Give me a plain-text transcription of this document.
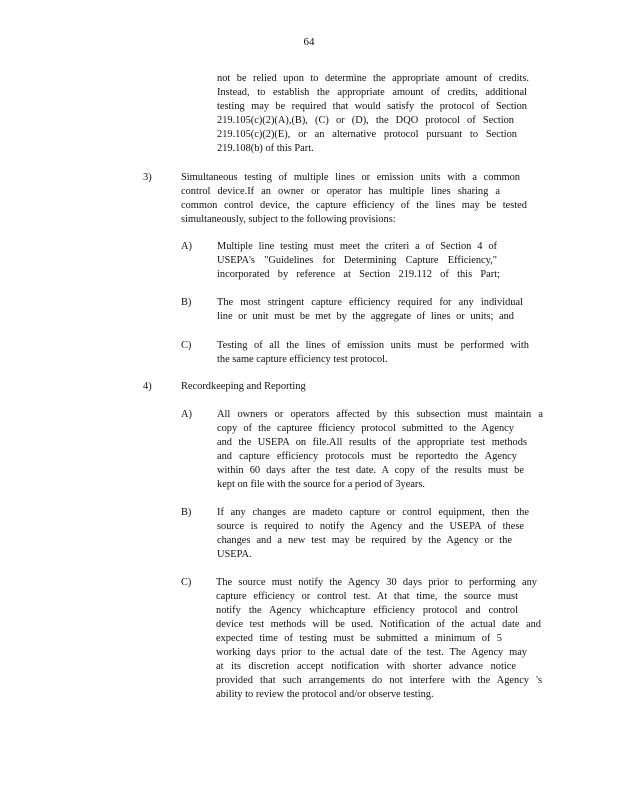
64
not be relied upon to determine the appropriate amount of credits.
Instead, to establish the appropriate amount of credits, additional
testing may be required that would satisfy the protocol of Section
219.105(c)(2)(A),(B), (C) or (D), the DQO protocol of Section
219.105(c)(2)(E), or an alternative protocol pursuant to Section
219.108(b) of this Part.
3)	Simultaneous testing of multiple lines or emission units with a common
control device.If an owner or operator has multiple lines sharing a
common control device, the capture efficiency of the lines may be tested
simultaneously, subject to the following provisions:
A) Multiple line testing must meet the criteri a of Section 4 of
USEPA's "Guidelines for Determining Capture Efficiency,"
incorporated by reference at Section 219.112 of this Part;
B) The most stringent capture efficiency required for any individual
line or unit must be met by the aggregate of lines or units; and
C) Testing of all the lines of emission units must be performed with
the same capture efficiency test protocol.
4)	Recordkeeping and Reporting
A) All owners or operators affected by this subsection must maintain a
copy of the capturee fficiency protocol submitted to the Agency
and the USEPA on file.All results of the appropriate test methods
and capture efficiency protocols must be reportedto the Agency
within 60 days after the test date. A copy of the results must be
kept on file with the source for a period of 3years.
B) If any changes are madeto capture or control equipment, then the
source is required to notify the Agency and the USEPA of these
changes and a new test may be required by the Agency or the
USEPA.
C) The source must notify the Agency 30 days prior to performing any
capture efficiency or control test. At that time, the source must
notify the Agency whichcapture efficiency protocol and control
device test methods will be used. Notification of the actual date and
expected time of testing must be submitted a minimum of 5
working days prior to the actual date of the test. The Agency may
at its discretion accept notification with shorter advance notice
provided that such arrangements do not interfere with the Agency 's
ability to review the protocol and/or observe testing.
